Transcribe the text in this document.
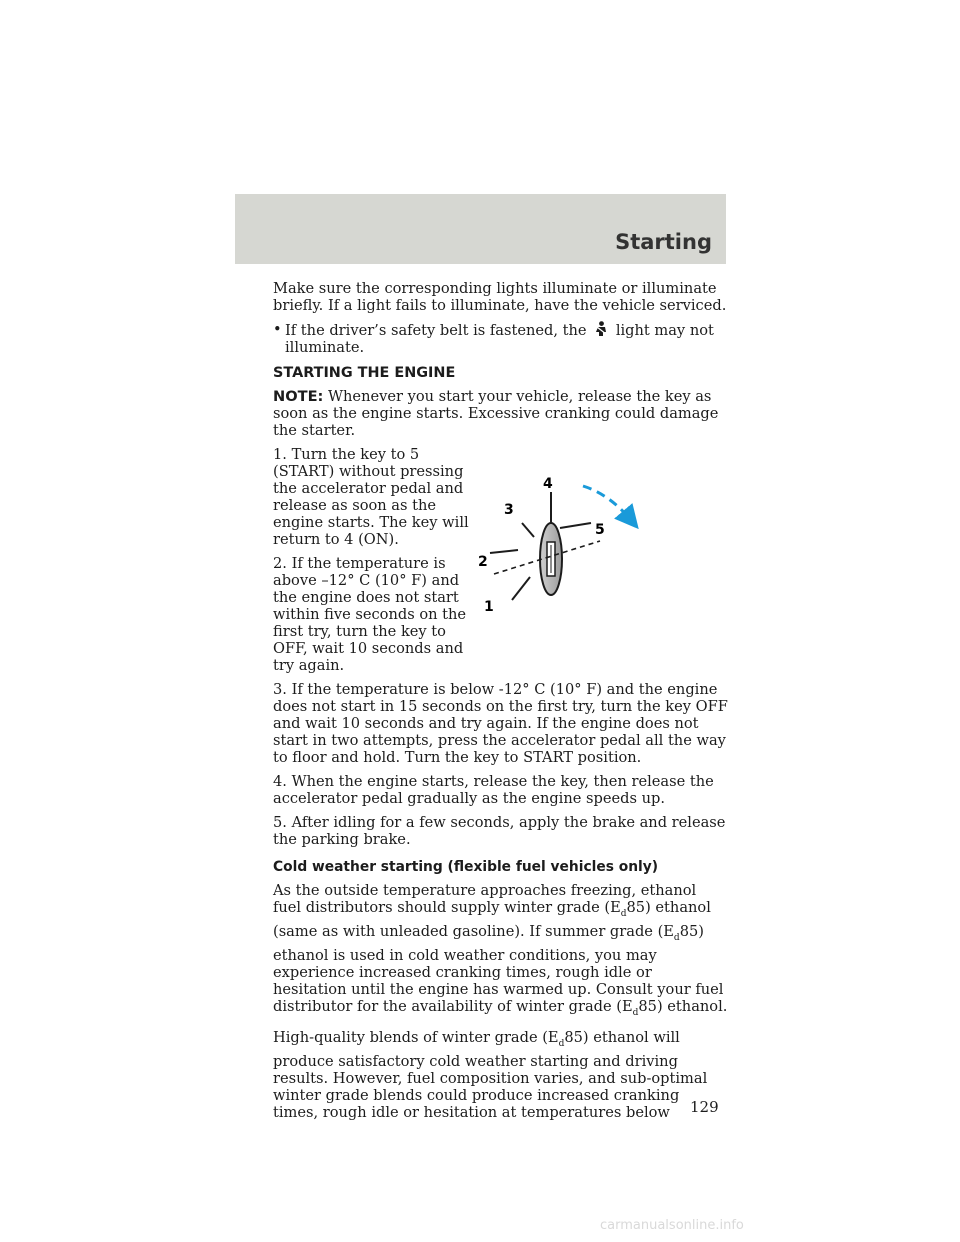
Starting

Make sure the corresponding lights illuminate or illuminate briefly. If a light fails to illuminate, have the vehicle serviced.

• If the driver’s safety belt is fastened, the light may not illuminate.

STARTING THE ENGINE

NOTE: Whenever you start your vehicle, release the key as soon as the engine starts. Excessive cranking could damage the starter.

1. Turn the key to 5 (START) without pressing the accelerator pedal and release as soon as the engine starts. The key will return to 4 (ON).

2. If the temperature is above –12° C (10° F) and the engine does not start within five seconds on the first try, turn the key to OFF, wait 10 seconds and try again.

3
4
5
2
1

3. If the temperature is below -12° C (10° F) and the engine does not start in 15 seconds on the first try, turn the key OFF and wait 10 seconds and try again. If the engine does not start in two attempts, press the accelerator pedal all the way to floor and hold. Turn the key to START position.

4. When the engine starts, release the key, then release the accelerator pedal gradually as the engine speeds up.

5. After idling for a few seconds, apply the brake and release the parking brake.

Cold weather starting (flexible fuel vehicles only)

As the outside temperature approaches freezing, ethanol fuel distributors should supply winter grade $(E_d85)$ ethanol (same as with unleaded gasoline). If summer grade $(E_d85)$ ethanol is used in cold weather conditions, you may experience increased cranking times, rough idle or hesitation until the engine has warmed up. Consult your fuel distributor for the availability of winter grade $(E_d85)$ ethanol.

High-quality blends of winter grade $(E_d85)$ ethanol will produce satisfactory cold weather starting and driving results. However, fuel composition varies, and sub-optimal winter grade blends could produce increased cranking times, rough idle or hesitation at temperatures below	129
carmanualsonline.info
